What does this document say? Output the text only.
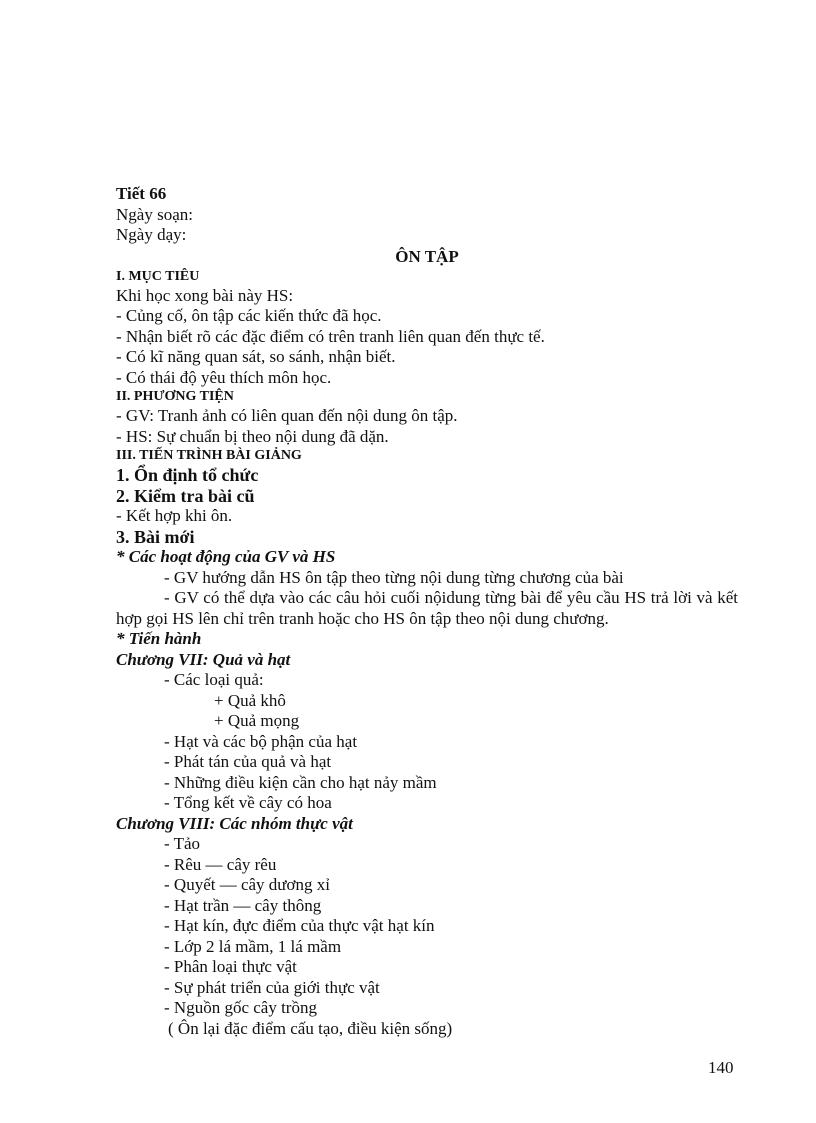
Tiết 66
Ngày soạn:
Ngày dạy:
ÔN TẬP
I. MỤC TIÊU
Khi học xong bài này HS:
- Củng cố, ôn tập các kiến thức đã học.
- Nhận biết rõ các đặc điểm có trên tranh liên quan đến thực tế.
- Có kĩ năng quan sát, so sánh, nhận biết.
- Có thái độ yêu thích môn học.
II. PHƯƠNG TIỆN
- GV: Tranh ảnh có liên quan đến nội dung ôn tập.
- HS: Sự chuẩn bị theo nội dung đã dặn.
III. TIẾN TRÌNH BÀI GIẢNG
1. Ổn định tổ chức
2. Kiểm tra bài cũ
- Kết hợp khi ôn.
3. Bài mới
* Các hoạt động của GV và HS
- GV hướng dẫn HS ôn tập theo từng nội dung từng chương của bài
- GV có thể dựa vào các câu hỏi cuối nộidung từng bài để yêu cầu HS trả lời và kết hợp gọi HS lên chỉ trên tranh hoặc cho HS ôn tập theo nội dung chương.
* Tiến hành
Chương VII: Quả và hạt
- Các loại quả:
+ Quả khô
+ Quả mọng
- Hạt và các bộ phận của hạt
- Phát tán của quả và hạt
- Những điều kiện cần cho hạt nảy mầm
- Tổng kết về cây có hoa
Chương VIII: Các nhóm thực vật
- Tảo
- Rêu — cây rêu
- Quyết — cây dương xỉ
- Hạt trần — cây thông
- Hạt kín, đực điểm của thực vật hạt kín
- Lớp 2 lá mầm, 1 lá mầm
- Phân loại thực vật
- Sự phát triển của giới thực vật
- Nguồn gốc cây trồng
( Ôn lại đặc điểm cấu tạo, điều kiện sống)
140
